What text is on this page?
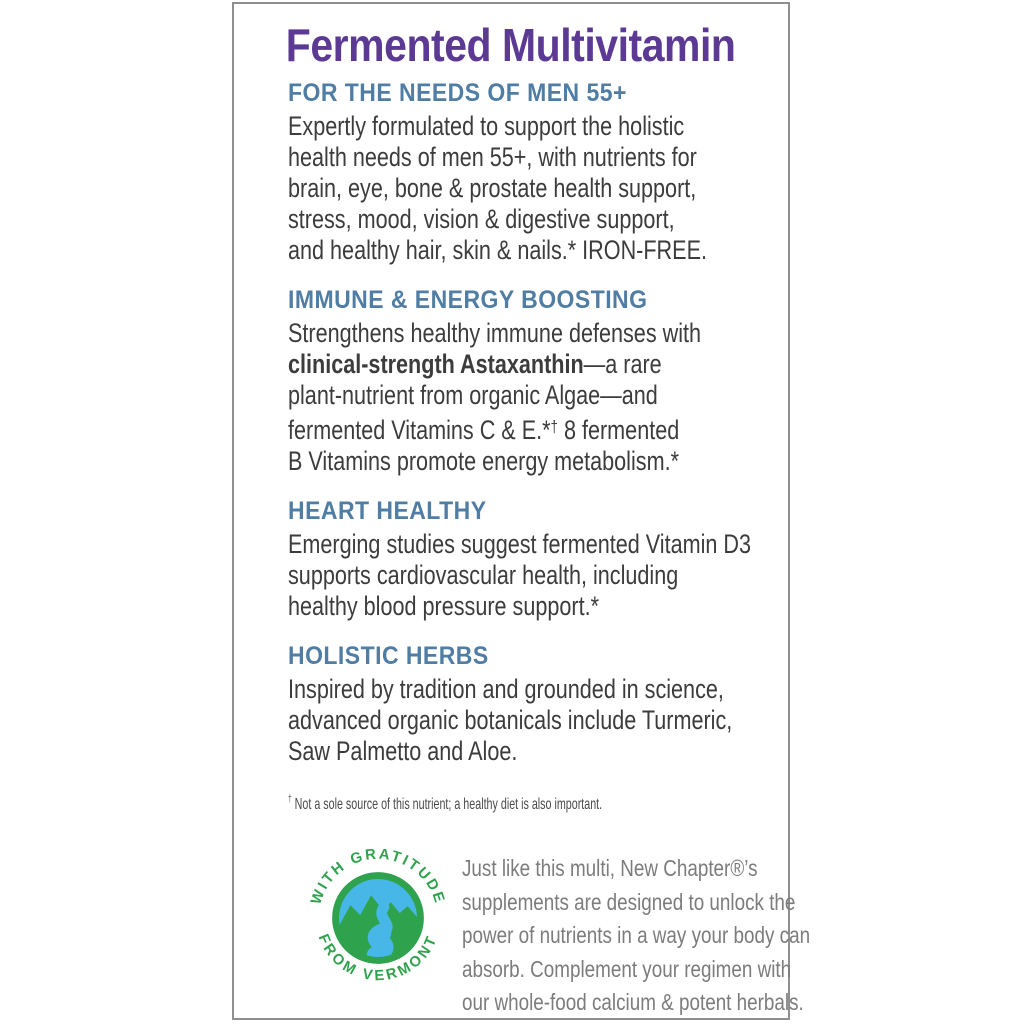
Fermented Multivitamin
FOR THE NEEDS OF MEN 55+
Expertly formulated to support the holistic
health needs of men 55+, with nutrients for
brain, eye, bone & prostate health support,
stress, mood, vision & digestive support,
and healthy hair, skin & nails.* IRON-FREE.
IMMUNE & ENERGY BOOSTING
Strengthens healthy immune defenses with
clinical-strength Astaxanthin—a rare
plant-nutrient from organic Algae—and
fermented Vitamins C & E.*† 8 fermented
B Vitamins promote energy metabolism.*
HEART HEALTHY
Emerging studies suggest fermented Vitamin D3
supports cardiovascular health, including
healthy blood pressure support.*
HOLISTIC HERBS
Inspired by tradition and grounded in science,
advanced organic botanicals include Turmeric,
Saw Palmetto and Aloe.
† Not a sole source of this nutrient; a healthy diet is also important.
WITH GRATITUDE
FROM VERMONT
Just like this multi, New Chapter®’s
supplements are designed to unlock the
power of nutrients in a way your body can
absorb. Complement your regimen with
our whole-food calcium & potent herbals.
